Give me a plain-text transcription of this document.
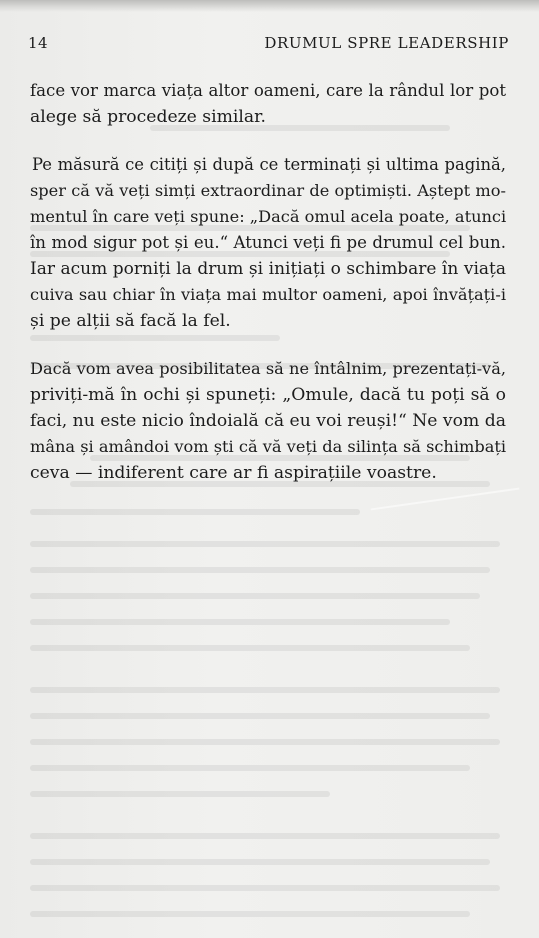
14	DRUMUL SPRE LEADERSHIP
face vor marca viața altor oameni, care la rândul lor pot
alege să procedeze similar.
Pe măsură ce citiți și după ce terminați și ultima pagină,
sper că vă veți simți extraordinar de optimiști. Aștept mo-
mentul în care veți spune: „Dacă omul acela poate, atunci
în mod sigur pot și eu.“ Atunci veți fi pe drumul cel bun.
Iar acum porniți la drum și inițiați o schimbare în viața
cuiva sau chiar în viața mai multor oameni, apoi învățați-i
și pe alții să facă la fel.
Dacă vom avea posibilitatea să ne întâlnim, prezentați-vă,
priviți-mă în ochi și spuneți: „Omule, dacă tu poți să o
faci, nu este nicio îndoială că eu voi reuși!“ Ne vom da
mâna și amândoi vom ști că vă veți da silința să schimbați
ceva — indiferent care ar fi aspirațiile voastre.
